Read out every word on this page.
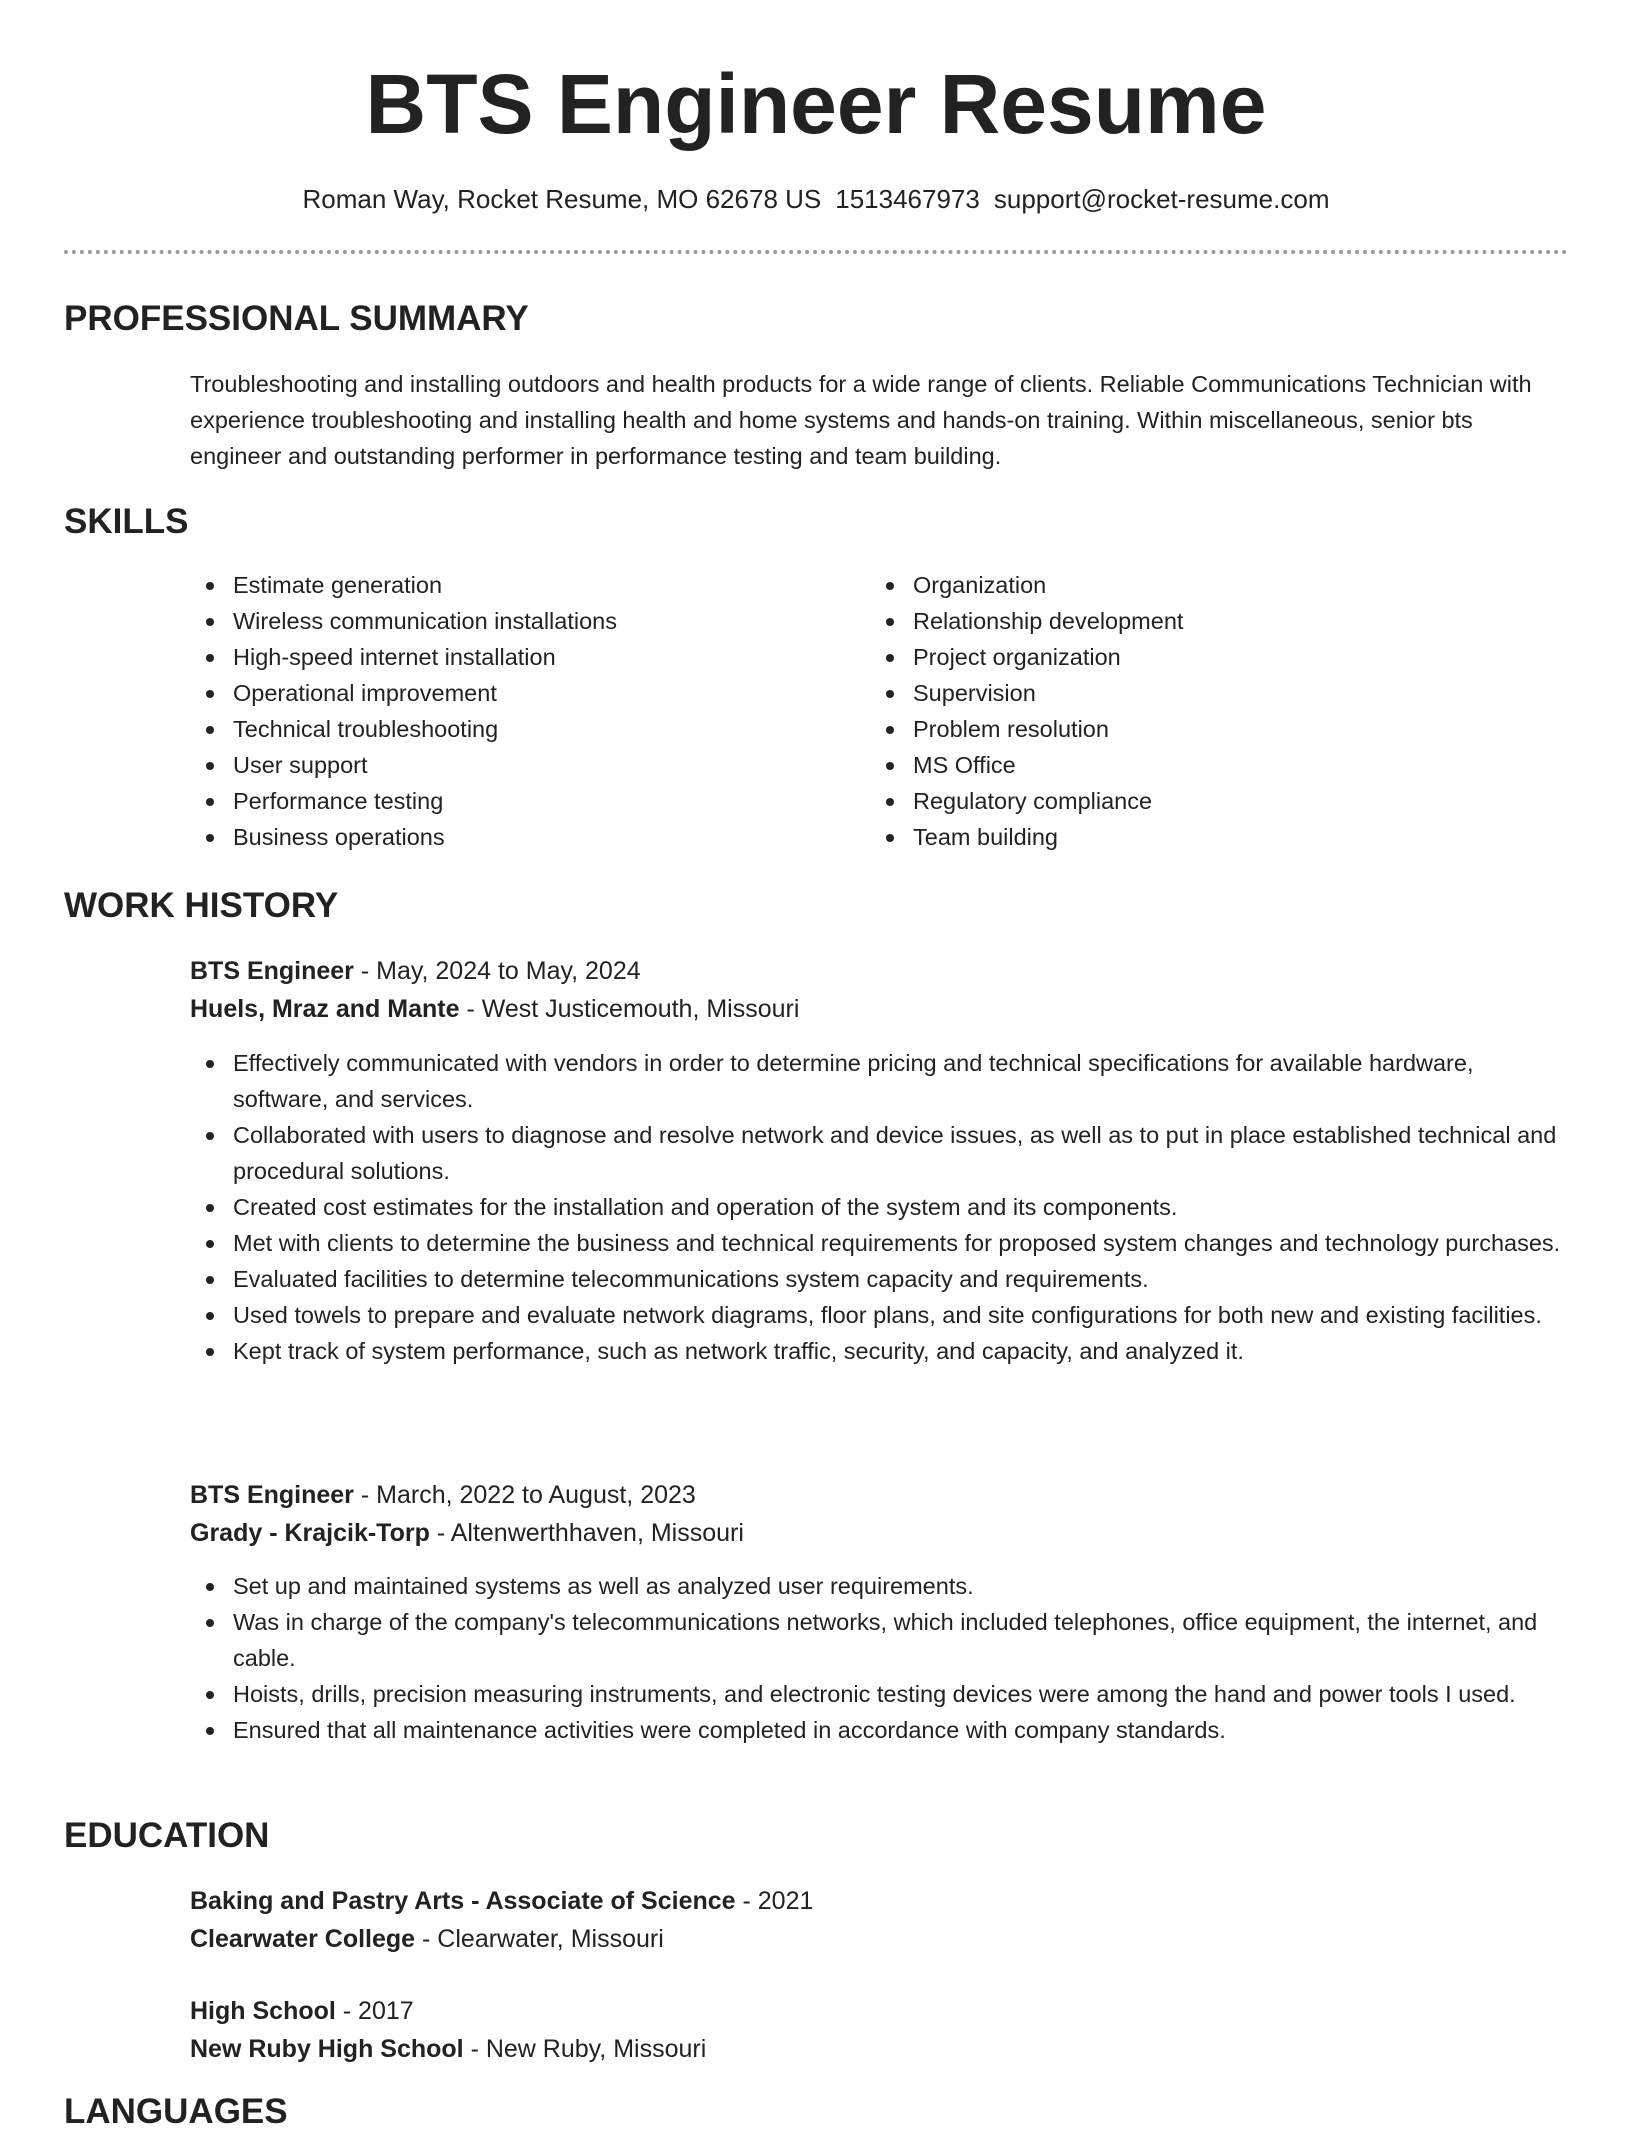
BTS Engineer Resume
Roman Way, Rocket Resume, MO 62678 US 1513467973 support@rocket-resume.com
PROFESSIONAL SUMMARY
Troubleshooting and installing outdoors and health products for a wide range of clients. Reliable Communications Technician with experience troubleshooting and installing health and home systems and hands-on training. Within miscellaneous, senior bts engineer and outstanding performer in performance testing and team building.
SKILLS
Estimate generation
Wireless communication installations
High-speed internet installation
Operational improvement
Technical troubleshooting
User support
Performance testing
Business operations
Organization
Relationship development
Project organization
Supervision
Problem resolution
MS Office
Regulatory compliance
Team building
WORK HISTORY
BTS Engineer - May, 2024 to May, 2024
Huels, Mraz and Mante - West Justicemouth, Missouri
Effectively communicated with vendors in order to determine pricing and technical specifications for available hardware, software, and services.
Collaborated with users to diagnose and resolve network and device issues, as well as to put in place established technical and procedural solutions.
Created cost estimates for the installation and operation of the system and its components.
Met with clients to determine the business and technical requirements for proposed system changes and technology purchases.
Evaluated facilities to determine telecommunications system capacity and requirements.
Used towels to prepare and evaluate network diagrams, floor plans, and site configurations for both new and existing facilities.
Kept track of system performance, such as network traffic, security, and capacity, and analyzed it.
BTS Engineer - March, 2022 to August, 2023
Grady - Krajcik-Torp - Altenwerthhaven, Missouri
Set up and maintained systems as well as analyzed user requirements.
Was in charge of the company's telecommunications networks, which included telephones, office equipment, the internet, and cable.
Hoists, drills, precision measuring instruments, and electronic testing devices were among the hand and power tools I used.
Ensured that all maintenance activities were completed in accordance with company standards.
EDUCATION
Baking and Pastry Arts - Associate of Science - 2021
Clearwater College - Clearwater, Missouri
High School - 2017
New Ruby High School - New Ruby, Missouri
LANGUAGES
